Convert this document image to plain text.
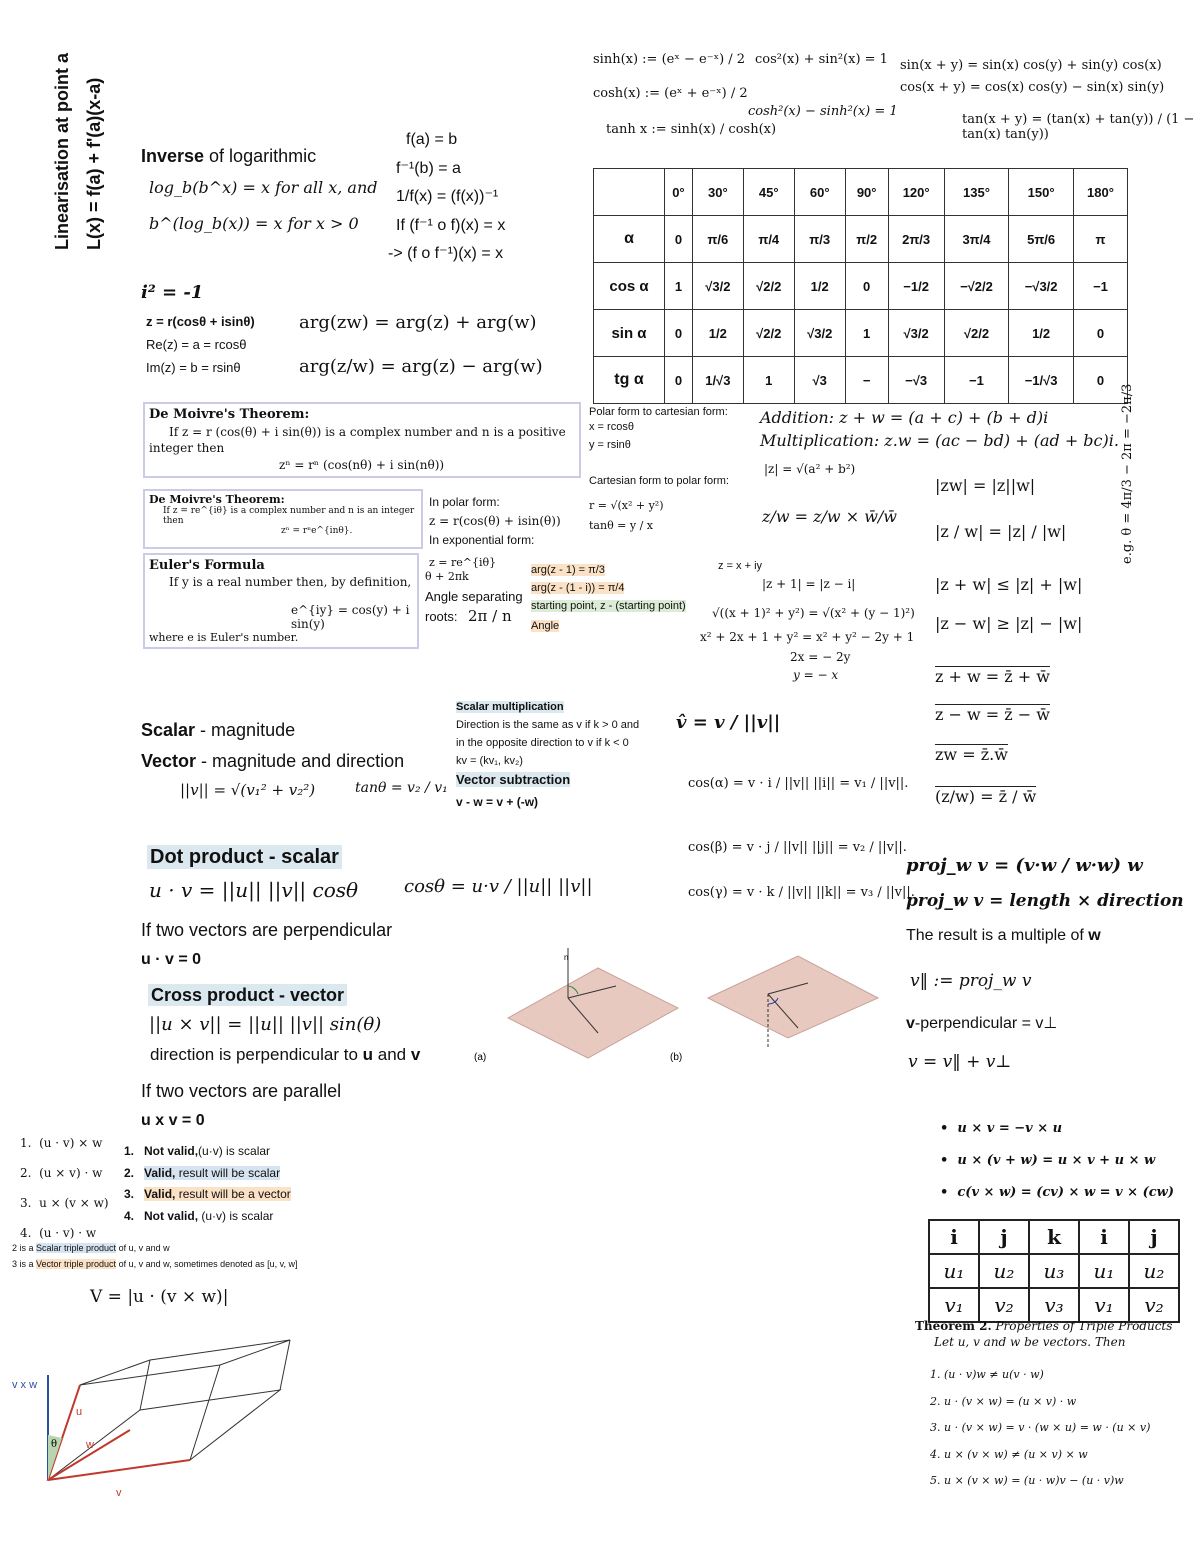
Linearisation at point a L(x) = f(a) + f'(a)(x-a) Inverse of logarithmic
log_b(b^x) = x for all x, and
b^(log_b(x)) = x for x > 0
f(a) = b
f⁻¹(b) = a
1/f(x) = (f(x))⁻¹
If (f⁻¹ o f)(x) = x
-> (f o f⁻¹)(x) = x
sinh(x) := (eˣ − e⁻ˣ) / 2
cosh(x) := (eˣ + e⁻ˣ) / 2
tanh x := sinh(x) / cosh(x)
cos²(x) + sin²(x) = 1
cosh²(x) − sinh²(x) = 1
sin(x + y) = sin(x) cos(y) + sin(y) cos(x)
cos(x + y) = cos(x) cos(y) − sin(x) sin(y)
tan(x + y) = (tan(x) + tan(y)) / (1 − tan(x) tan(y))
	0°	30°	45°	60°	90°	120°	135°	150°	180°
α	0	π/6	π/4	π/3	π/2	2π/3	3π/4	5π/6	π
cos α	1	√3/2	√2/2	1/2	0	−1/2	−√2/2	−√3/2	−1
sin α	0	1/2	√2/2	√3/2	1	√3/2	√2/2	1/2	0
tg α	0	1/√3	1	√3	−	−√3	−1	−1/√3	0
i² = -1
z = r(cosθ + isinθ)
Re(z) = a = rcosθ
Im(z) = b = rsinθ
arg(zw) = arg(z) + arg(w)
arg(z/w) = arg(z) − arg(w)
De Moivre's Theorem:
If z = r (cos(θ) + i sin(θ)) is a complex number and n is a positive
integer then
zⁿ = rⁿ (cos(nθ) + i sin(nθ))
De Moivre's Theorem:
If z = re^{iθ} is a complex number and n is an integer then
zⁿ = rⁿe^{inθ}.
Euler's Formula
If y is a real number then, by definition,
e^{iy} = cos(y) + i sin(y)
where e is Euler's number.
In polar form:
z = r(cos(θ) + isin(θ))
In exponential form:
z = re^{iθ}
θ + 2πk
Angle separating
roots: 2π / n
Polar form to cartesian form:
x = rcosθ
y = rsinθ
Cartesian form to polar form:
r = √(x² + y²)
tanθ = y / x
arg(z - 1) = π/3
arg(z - (1 - i)) = π/4
starting point, z - (starting point)
Angle
z = x + iy
|z + 1| = |z − i|
√((x + 1)² + y²) = √(x² + (y − 1)²)
x² + 2x + 1 + y² = x² + y² − 2y + 1
2x = − 2y
y = − x
Addition: z + w = (a + c) + (b + d)i
Multiplication: z.w = (ac − bd) + (ad + bc)i.
|z| = √(a² + b²)
z/w = z/w × w̄/w̄	e.g. θ = 4π/3 − 2π = −2π/3
|zw| = |z||w|
|z / w| = |z| / |w|
|z + w| ≤ |z| + |w|
|z − w| ≥ |z| − |w|
z + w = z̄ + w̄
z − w = z̄ − w̄
zw = z̄.w̄
(z/w) = z̄ / w̄
Scalar - magnitude
Vector - magnitude and direction
||v|| = √(v₁² + v₂²)	tanθ = v₂ / v₁
Scalar multiplication
Direction is the same as v if k > 0 and
in the opposite direction to v if k < 0
kv = (kv₁, kv₂)
Vector subtraction
v - w = v + (-w)
v̂ = v / ||v||
cos(α) = v · i / ||v|| ||i|| = v₁ / ||v||.
cos(β) = v · j / ||v|| ||j|| = v₂ / ||v||.
cos(γ) = v · k / ||v|| ||k|| = v₃ / ||v||.
Dot product - scalar
u · v = ||u|| ||v|| cosθ	cosθ = u·v / ||u|| ||v||
If two vectors are perpendicular
u · v = 0
Cross product - vector
||u × v|| = ||u|| ||v|| sin(θ)
direction is perpendicular to u and v
If two vectors are parallel
u x v = 0
(a)	(b)
n
proj_w v = (v·w / w·w) w
proj_w v = length × direction
The result is a multiple of w
v‖ := proj_w v
v-perpendicular = v⊥
v = v‖ + v⊥
1.  (u · v) × w
2.  (u × v) · w
3.  u × (v × w)
4.  (u · v) · w
1.   Not valid,(u·v) is scalar
2.   Valid, result will be scalar
3.   Valid, result will be a vector
4.   Not valid, (u·v) is scalar
2 is a Scalar triple product of u, v and w
3 is a Vector triple product of u, v and w, sometimes denoted as [u, v, w]
V = |u · (v × w)|
v x w
u
w
v
θ
•  u × v = −v × u
•  u × (v + w) = u × v + u × w
•  c(v × w) = (cv) × w = v × (cw)
i	j	k	i	j
u₁	u₂	u₃	u₁	u₂
v₁	v₂	v₃	v₁	v₂
Theorem 2. Properties of Triple Products
Let u, v and w be vectors. Then
1. (u · v)w ≠ u(v · w)
2. u · (v × w) = (u × v) · w
3. u · (v × w) = v · (w × u) = w · (u × v)
4. u × (v × w) ≠ (u × v) × w
5. u × (v × w) = (u · w)v − (u · v)w
